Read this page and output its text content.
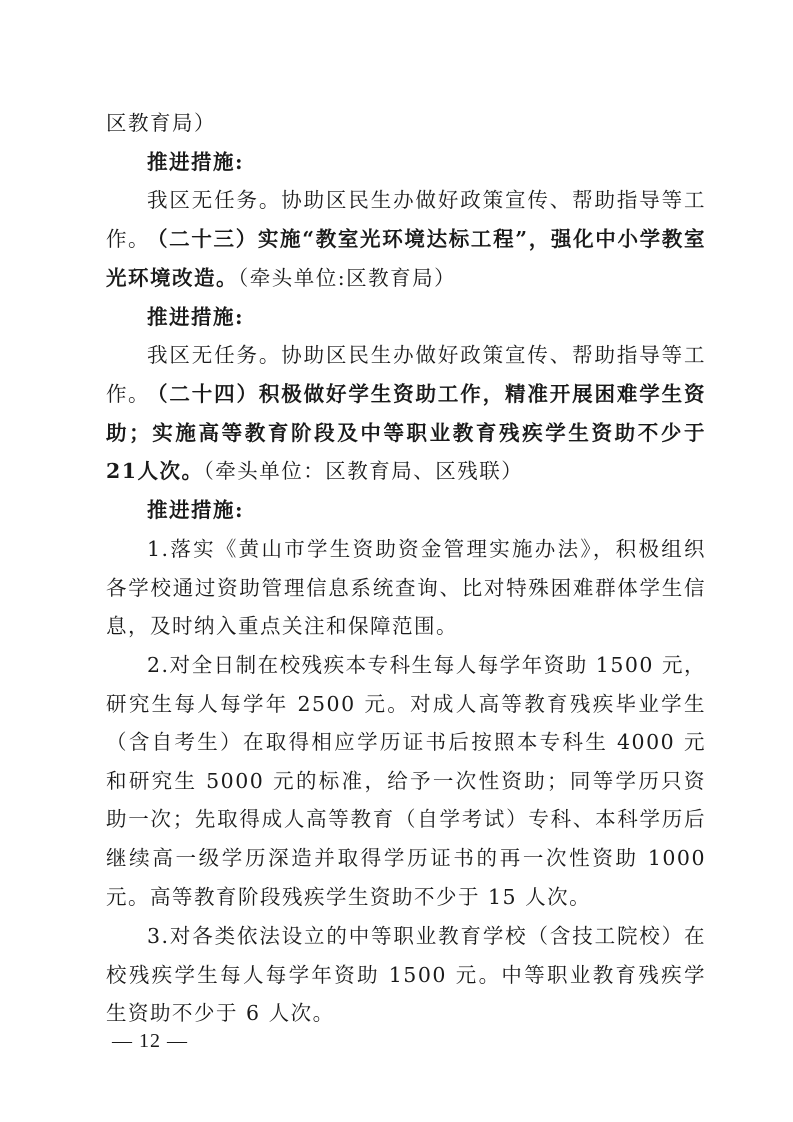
区教育局）

推进措施:

我区无任务。协助区民生办做好政策宣传、帮助指导等工作。

（二十三）实施“教室光环境达标工程”，强化中小学教室光环境改造。（牵头单位:区教育局）

推进措施:

我区无任务。协助区民生办做好政策宣传、帮助指导等工作。

（二十四）积极做好学生资助工作，精准开展困难学生资助；实施高等教育阶段及中等职业教育残疾学生资助不少于21人次。（牵头单位：区教育局、区残联）

推进措施:

1.落实《黄山市学生资助资金管理实施办法》，积极组织各学校通过资助管理信息系统查询、比对特殊困难群体学生信息，及时纳入重点关注和保障范围。

2.对全日制在校残疾本专科生每人每学年资助 1500 元，研究生每人每学年 2500 元。对成人高等教育残疾毕业学生（含自考生）在取得相应学历证书后按照本专科生 4000 元和研究生 5000 元的标准，给予一次性资助；同等学历只资助一次；先取得成人高等教育（自学考试）专科、本科学历后继续高一级学历深造并取得学历证书的再一次性资助 1000 元。高等教育阶段残疾学生资助不少于 15 人次。

3.对各类依法设立的中等职业教育学校（含技工院校）在校残疾学生每人每学年资助 1500 元。中等职业教育残疾学生资助不少于 6 人次。

— 12 —
